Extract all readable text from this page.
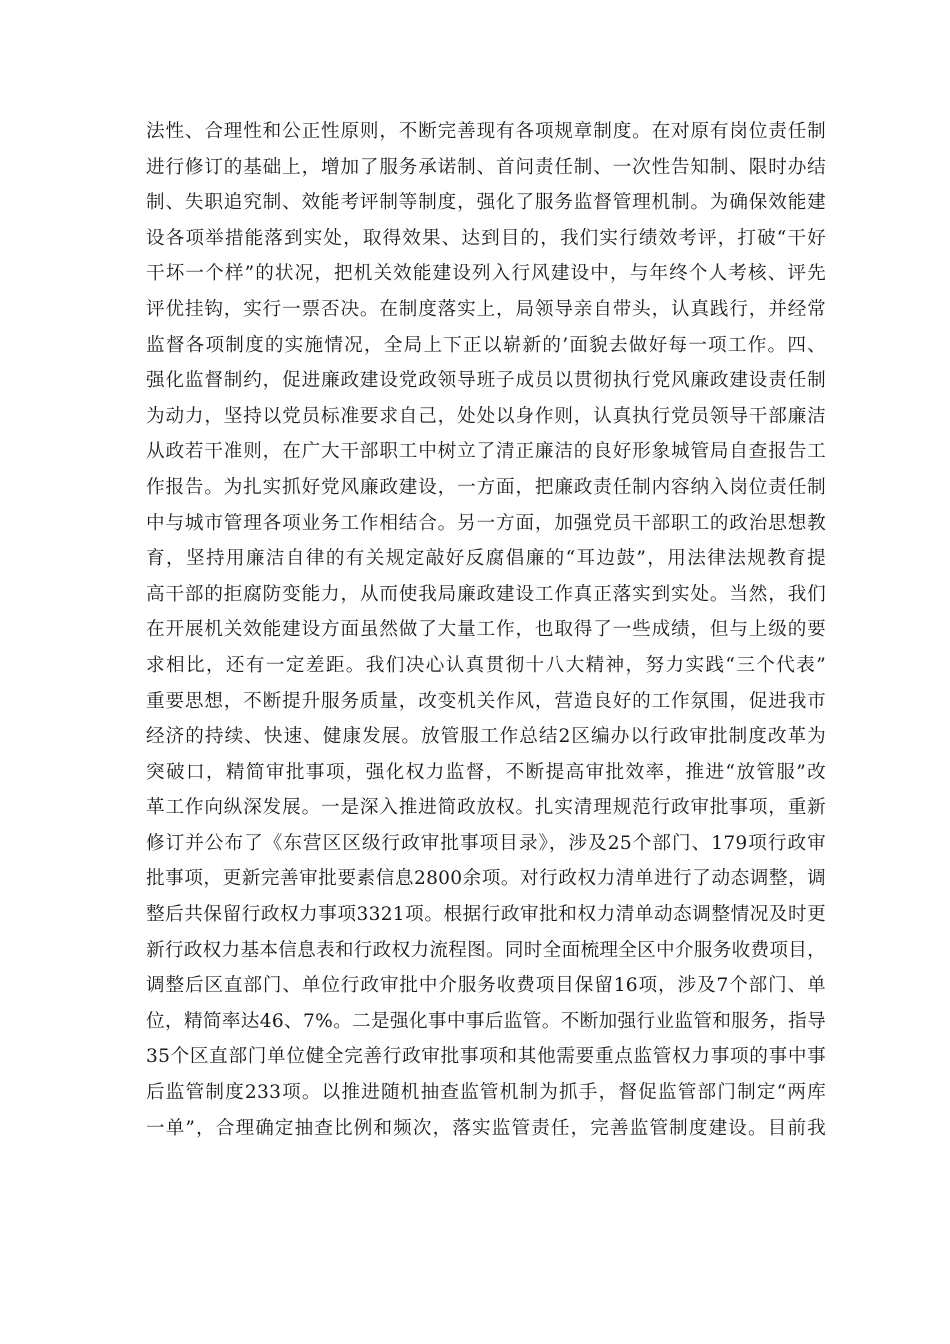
法性、合理性和公正性原则，不断完善现有各项规章制度。在对原有岗位责任制
进行修订的基础上，增加了服务承诺制、首问责任制、一次性告知制、限时办结
制、失职追究制、效能考评制等制度，强化了服务监督管理机制。为确保效能建
设各项举措能落到实处，取得效果、达到目的，我们实行绩效考评，打破“干好
干坏一个样”的状况，把机关效能建设列入行风建设中，与年终个人考核、评先
评优挂钩，实行一票否决。在制度落实上，局领导亲自带头，认真践行，并经常
监督各项制度的实施情况，全局上下正以崭新的’面貌去做好每一项工作。四、
强化监督制约，促进廉政建设党政领导班子成员以贯彻执行党风廉政建设责任制
为动力，坚持以党员标准要求自己，处处以身作则，认真执行党员领导干部廉洁
从政若干准则，在广大干部职工中树立了清正廉洁的良好形象城管局自查报告工
作报告。为扎实抓好党风廉政建设，一方面，把廉政责任制内容纳入岗位责任制
中与城市管理各项业务工作相结合。另一方面，加强党员干部职工的政治思想教
育，坚持用廉洁自律的有关规定敲好反腐倡廉的“耳边鼓”，用法律法规教育提
高干部的拒腐防变能力，从而使我局廉政建设工作真正落实到实处。当然，我们
在开展机关效能建设方面虽然做了大量工作，也取得了一些成绩，但与上级的要
求相比，还有一定差距。我们决心认真贯彻十八大精神，努力实践“三个代表”
重要思想，不断提升服务质量，改变机关作风，营造良好的工作氛围，促进我市
经济的持续、快速、健康发展。放管服工作总结2区编办以行政审批制度改革为
突破口，精简审批事项，强化权力监督，不断提高审批效率，推进“放管服”改
革工作向纵深发展。一是深入推进简政放权。扎实清理规范行政审批事项，重新
修订并公布了《东营区区级行政审批事项目录》，涉及25个部门、179项行政审
批事项，更新完善审批要素信息2800余项。对行政权力清单进行了动态调整，调
整后共保留行政权力事项3321项。根据行政审批和权力清单动态调整情况及时更
新行政权力基本信息表和行政权力流程图。同时全面梳理全区中介服务收费项目，
调整后区直部门、单位行政审批中介服务收费项目保留16项，涉及7个部门、单
位，精简率达46、7%。二是强化事中事后监管。不断加强行业监管和服务，指导
35个区直部门单位健全完善行政审批事项和其他需要重点监管权力事项的事中事
后监管制度233项。以推进随机抽查监管机制为抓手，督促监管部门制定“两库
一单”，合理确定抽查比例和频次，落实监管责任，完善监管制度建设。目前我
